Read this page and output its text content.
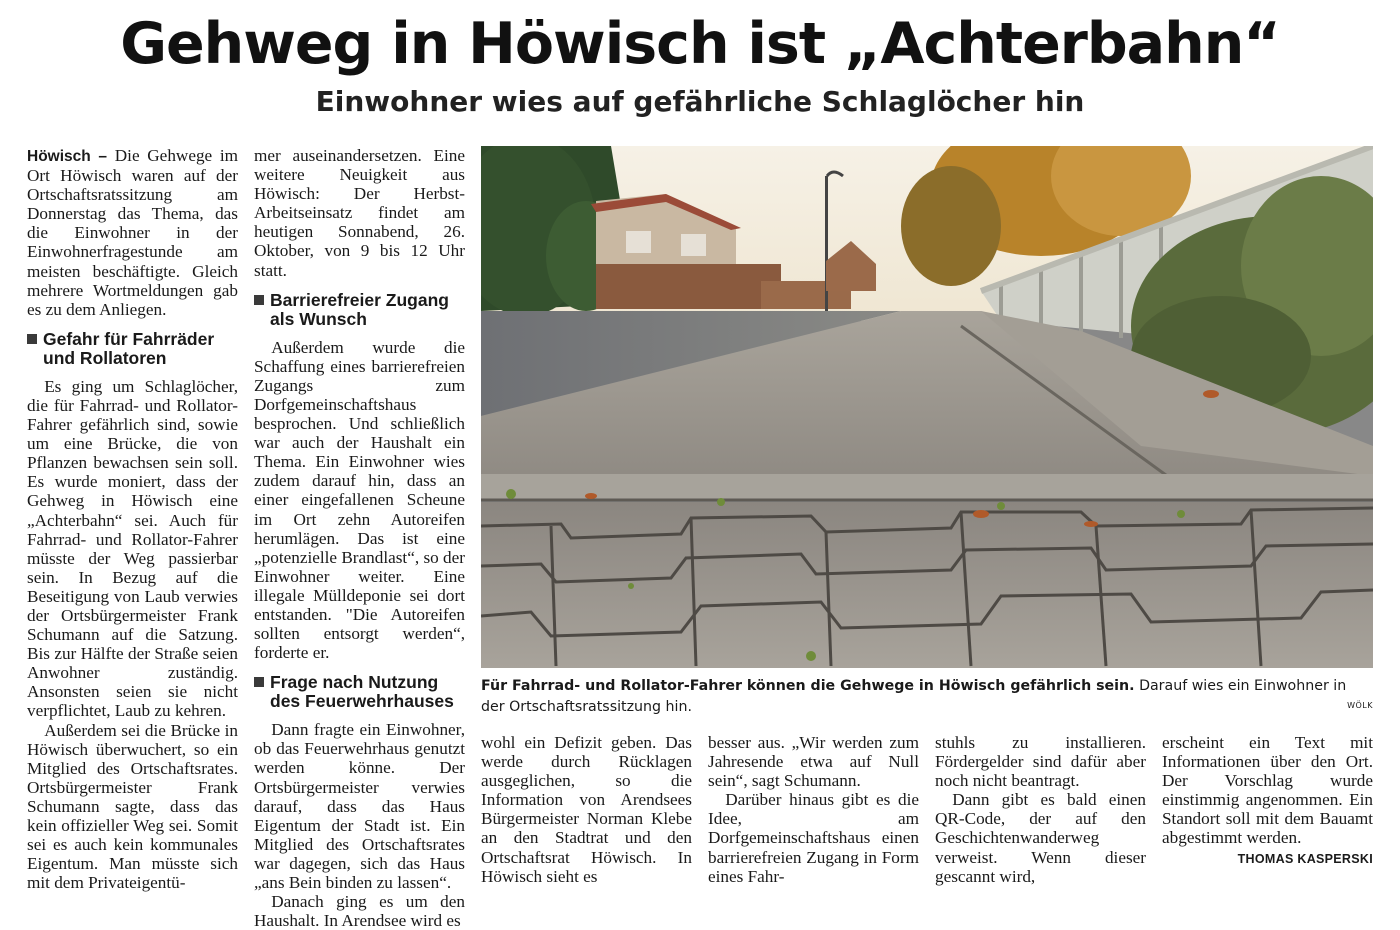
Gehweg in Höwisch ist „Achterbahn“
Einwohner wies auf gefährliche Schlaglöcher hin

Höwisch – Die Gehwege im Ort Höwisch waren auf der Ortschaftsratssitzung am Donnerstag das Thema, das die Einwohner in der Einwohnerfragestunde am meisten beschäftigte. Gleich mehrere Wortmeldungen gab es zu dem Anliegen.

Gefahr für Fahrräder und Rollatoren

Es ging um Schlaglöcher, die für Fahrrad- und Rollator-Fahrer gefährlich sind, sowie um eine Brücke, die von Pflanzen bewachsen sein soll. Es wurde moniert, dass der Gehweg in Höwisch eine „Achterbahn“ sei. Auch für Fahrrad- und Rollator-Fahrer müsste der Weg passierbar sein. In Bezug auf die Beseitigung von Laub verwies der Ortsbürgermeister Frank Schumann auf die Satzung. Bis zur Hälfte der Straße seien Anwohner zuständig. Ansonsten seien sie nicht verpflichtet, Laub zu kehren.

Außerdem sei die Brücke in Höwisch überwuchert, so ein Mitglied des Ortschaftsrates. Ortsbürgermeister Frank Schumann sagte, dass das kein offizieller Weg sei. Somit sei es auch kein kommunales Eigentum. Man müsste sich mit dem Privateigentü-

mer auseinandersetzen. Eine weitere Neuigkeit aus Höwisch: Der Herbst-Arbeitseinsatz findet am heutigen Sonnabend, 26. Oktober, von 9 bis 12 Uhr statt.

Barrierefreier Zugang als Wunsch

Außerdem wurde die Schaffung eines barrierefreien Zugangs zum Dorfgemeinschaftshaus besprochen. Und schließlich war auch der Haushalt ein Thema. Ein Einwohner wies zudem darauf hin, dass an einer eingefallenen Scheune im Ort zehn Autoreifen herumlägen. Das ist eine „potenzielle Brandlast“, so der Einwohner weiter. Eine illegale Mülldeponie sei dort entstanden. "Die Autoreifen sollten entsorgt werden“, forderte er.

Frage nach Nutzung des Feuerwehrhauses

Dann fragte ein Einwohner, ob das Feuerwehrhaus genutzt werden könne. Der Ortsbürgermeister verwies darauf, dass das Haus Eigentum der Stadt ist. Ein Mitglied des Ortschaftsrates war dagegen, sich das Haus „ans Bein binden zu lassen“.

Danach ging es um den Haushalt. In Arendsee wird es

Für Fahrrad- und Rollator-Fahrer können die Gehwege in Höwisch gefährlich sein. Darauf wies ein Einwohner in der Ortschaftsratssitzung hin.	WÖLK

wohl ein Defizit geben. Das werde durch Rücklagen ausgeglichen, so die Information von Arendsees Bürgermeister Norman Klebe an den Stadtrat und den Ortschaftsrat Höwisch. In Höwisch sieht es

besser aus. „Wir werden zum Jahresende etwa auf Null sein“, sagt Schumann.

Darüber hinaus gibt es die Idee, am Dorfgemeinschaftshaus einen barrierefreien Zugang in Form eines Fahr-

stuhls zu installieren. Fördergelder sind dafür aber noch nicht beantragt.

Dann gibt es bald einen QR-Code, der auf den Geschichtenwanderweg verweist. Wenn dieser gescannt wird,

erscheint ein Text mit Informationen über den Ort. Der Vorschlag wurde einstimmig angenommen. Ein Standort soll mit dem Bauamt abgestimmt werden.

THOMAS KASPERSKI
